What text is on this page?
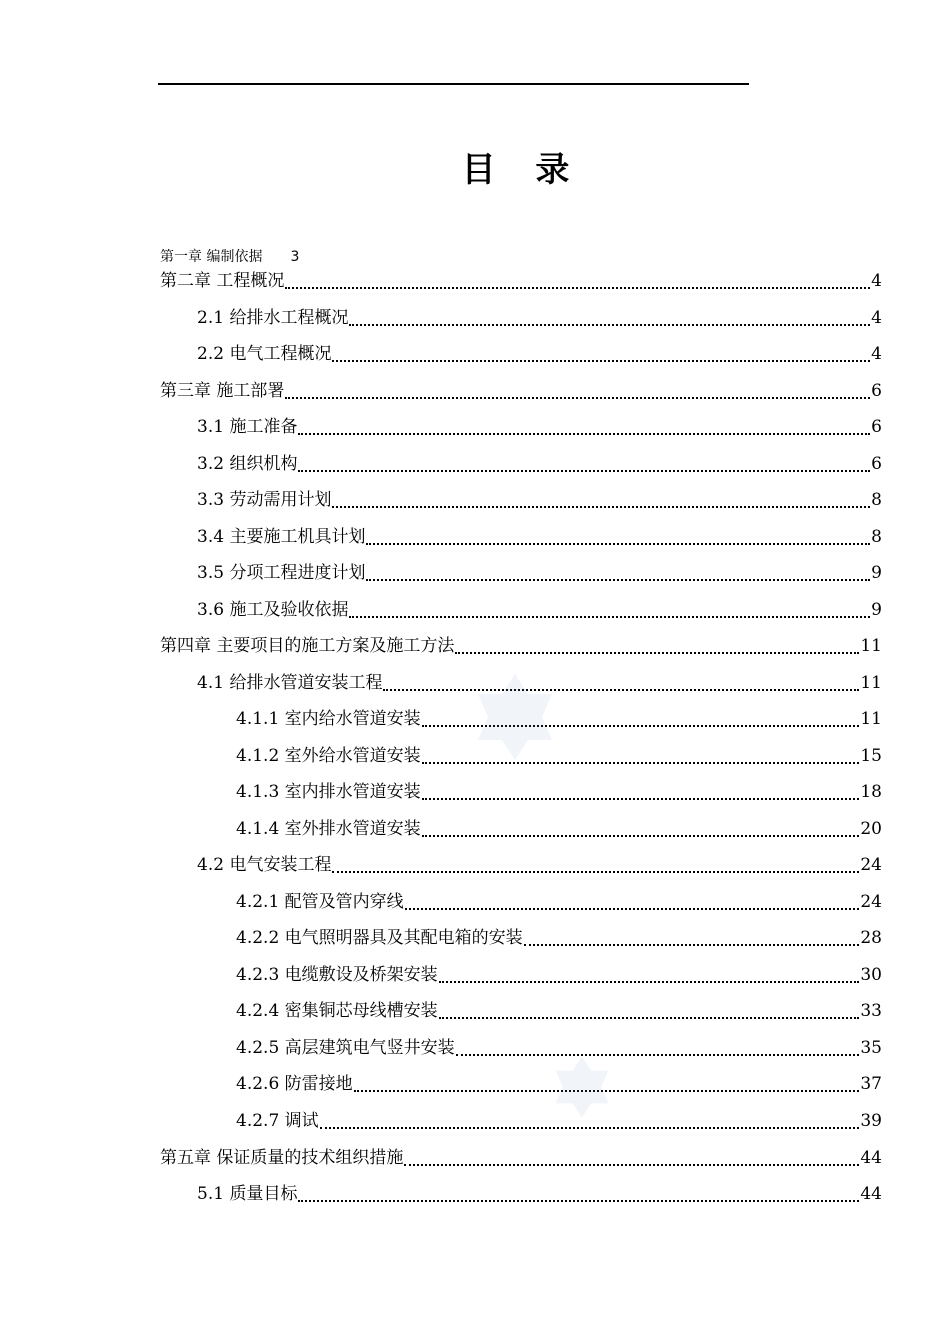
目 录
第一章 编制依据 3
第二章 工程概况	4
2.1 给排水工程概况	4
2.2 电气工程概况	4
第三章 施工部署	6
3.1 施工准备	6
3.2 组织机构	6
3.3 劳动需用计划	8
3.4 主要施工机具计划	8
3.5 分项工程进度计划	9
3.6 施工及验收依据	9
第四章 主要项目的施工方案及施工方法	11
4.1 给排水管道安装工程	11
4.1.1 室内给水管道安装	11
4.1.2 室外给水管道安装	15
4.1.3 室内排水管道安装	18
4.1.4 室外排水管道安装	20
4.2 电气安装工程	24
4.2.1 配管及管内穿线	24
4.2.2 电气照明器具及其配电箱的安装	28
4.2.3 电缆敷设及桥架安装	30
4.2.4 密集铜芯母线槽安装	33
4.2.5 高层建筑电气竖井安装	35
4.2.6 防雷接地	37
4.2.7 调试	39
第五章 保证质量的技术组织措施	44
5.1 质量目标	44
